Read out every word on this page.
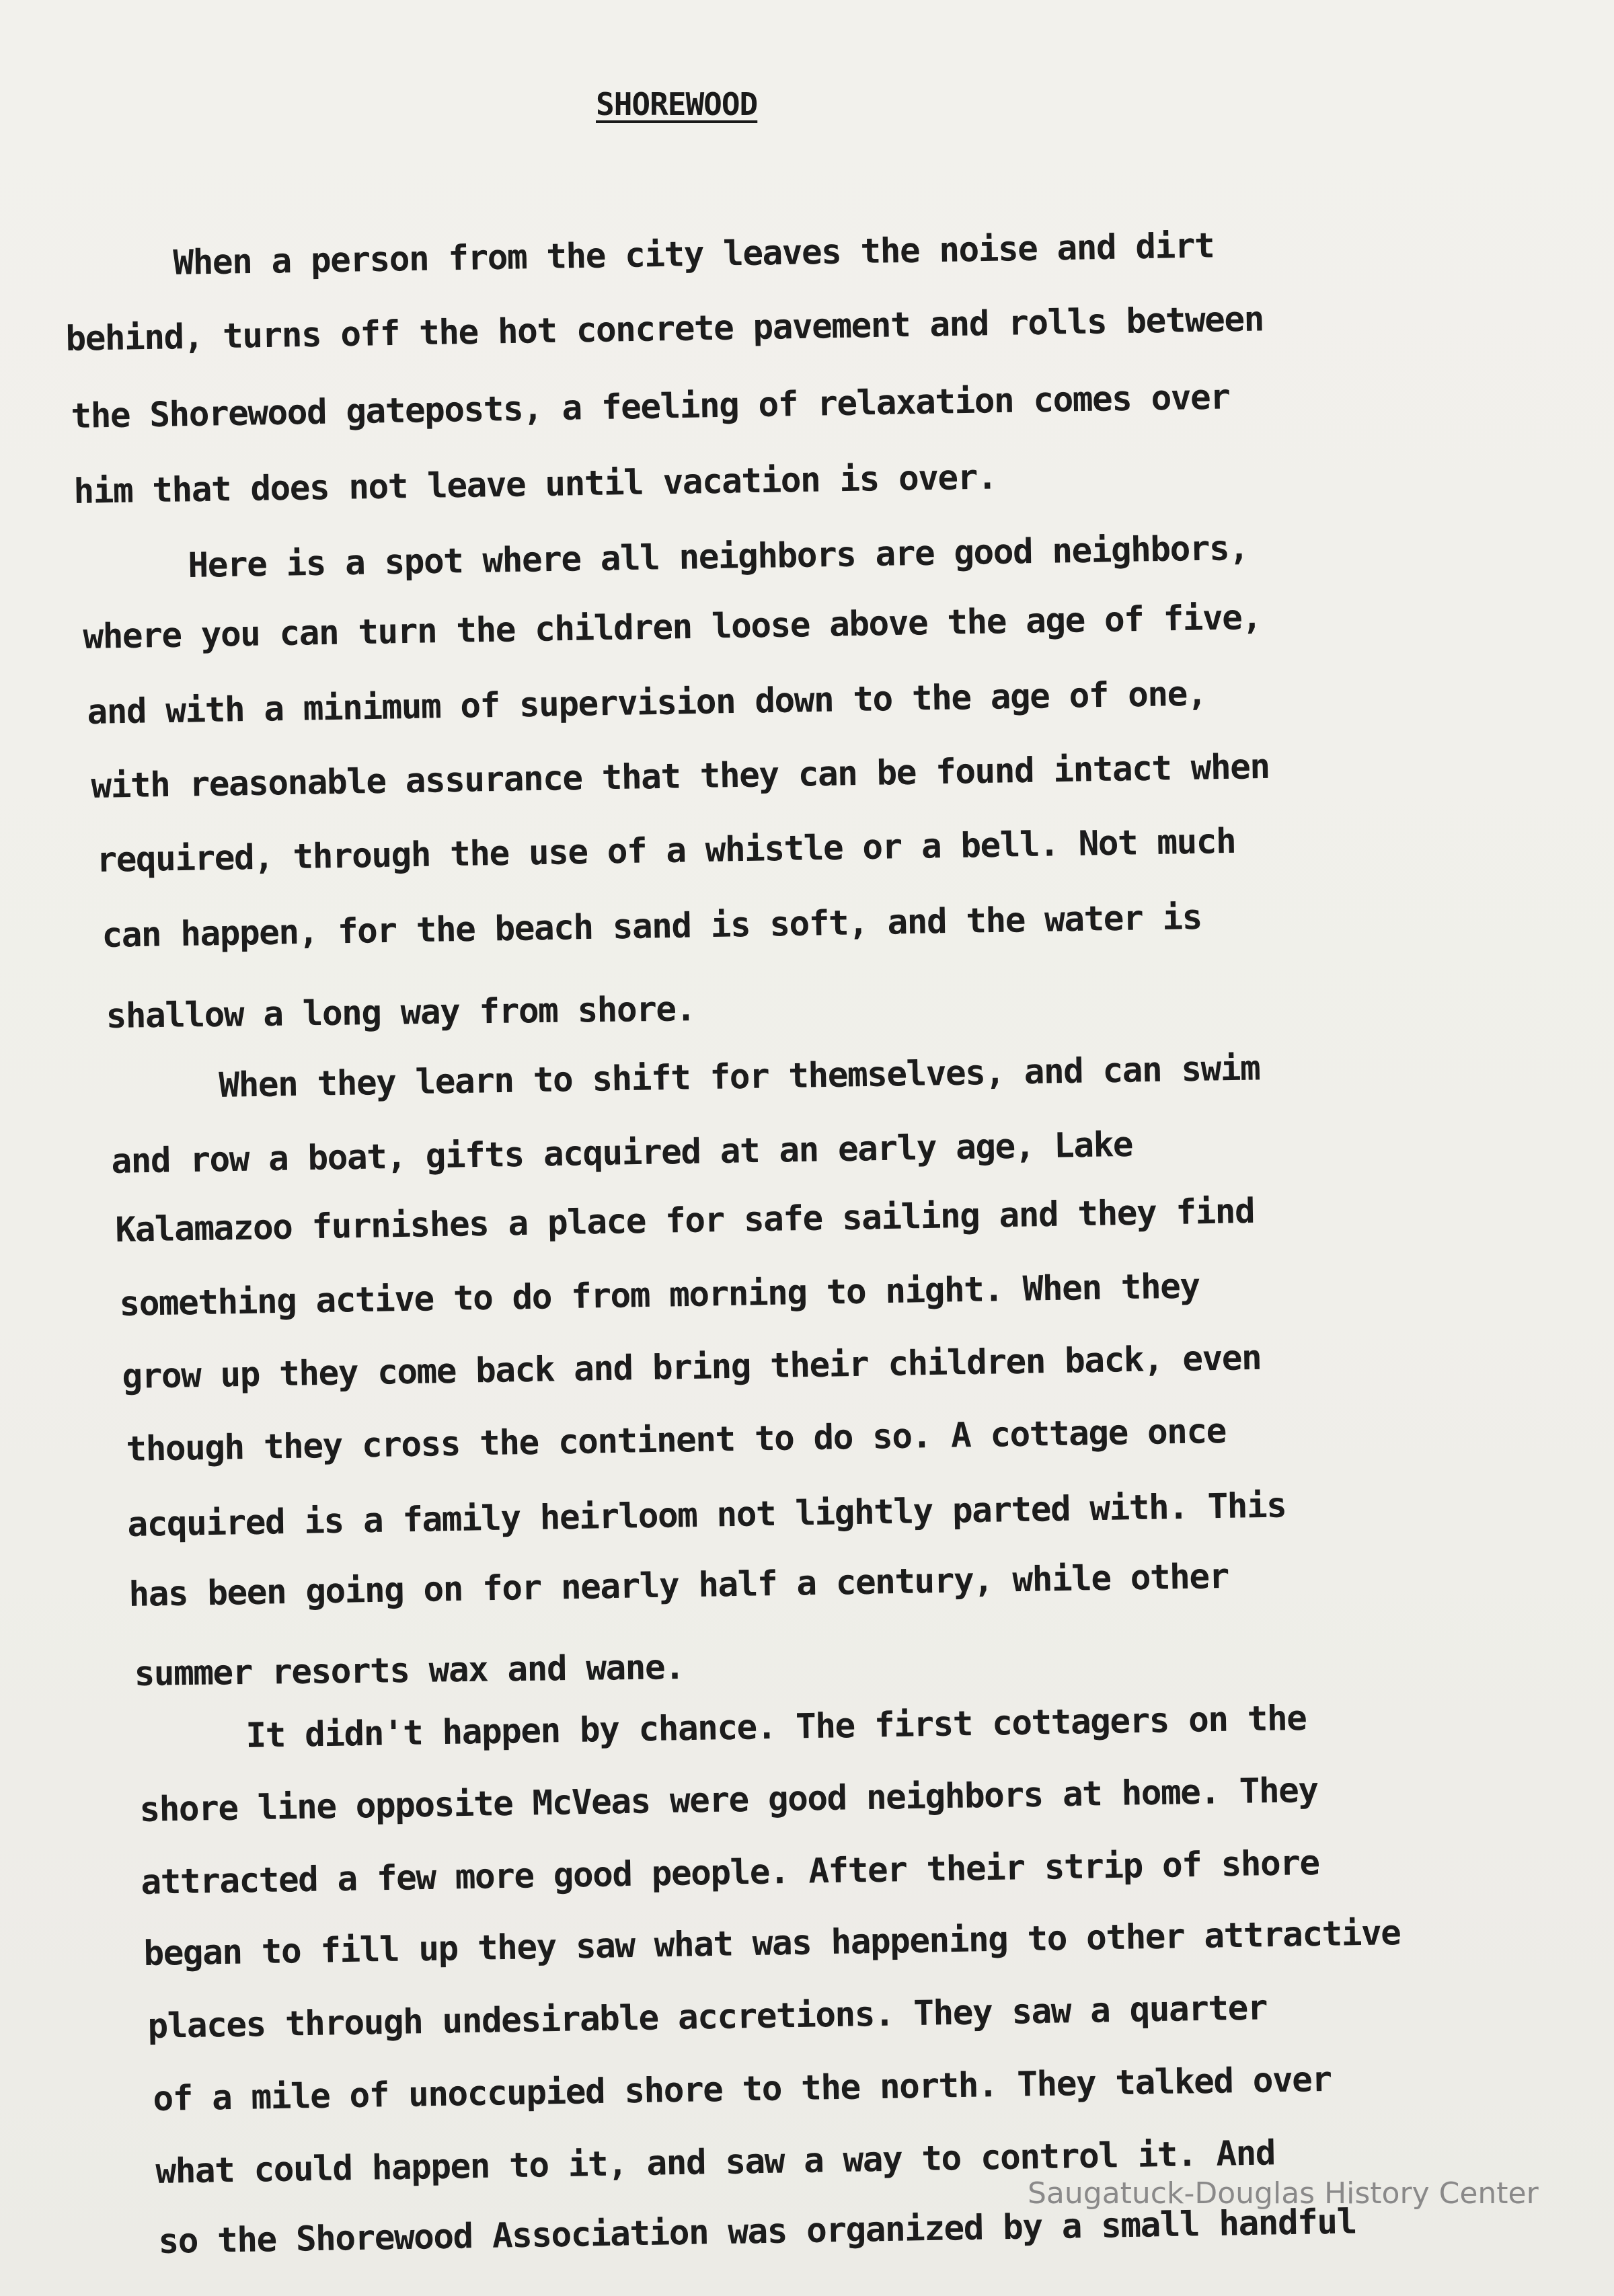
SHOREWOOD

When a person from the city leaves the noise and dirt

behind, turns off the hot concrete pavement and rolls between

the Shorewood gateposts, a feeling of relaxation comes over

him that does not leave until vacation is over.

Here is a spot where all neighbors are good neighbors,

where you can turn the children loose above the age of five,

and with a minimum of supervision down to the age of one,

with reasonable assurance that they can be found intact when

required, through the use of a whistle or a bell. Not much

can happen, for the beach sand is soft, and the water is

shallow a long way from shore.

When they learn to shift for themselves, and can swim

and row a boat, gifts acquired at an early age, Lake

Kalamazoo furnishes a place for safe sailing and they find

something active to do from morning to night. When they

grow up they come back and bring their children back, even

though they cross the continent to do so. A cottage once

acquired is a family heirloom not lightly parted with. This

has been going on for nearly half a century, while other

summer resorts wax and wane.

It didn't happen by chance. The first cottagers on the

shore line opposite McVeas were good neighbors at home. They

attracted a few more good people. After their strip of shore

began to fill up they saw what was happening to other attractive

places through undesirable accretions. They saw a quarter

of a mile of unoccupied shore to the north. They talked over

what could happen to it, and saw a way to control it. And

so the Shorewood Association was organized by a small handful

Saugatuck-Douglas History Center
